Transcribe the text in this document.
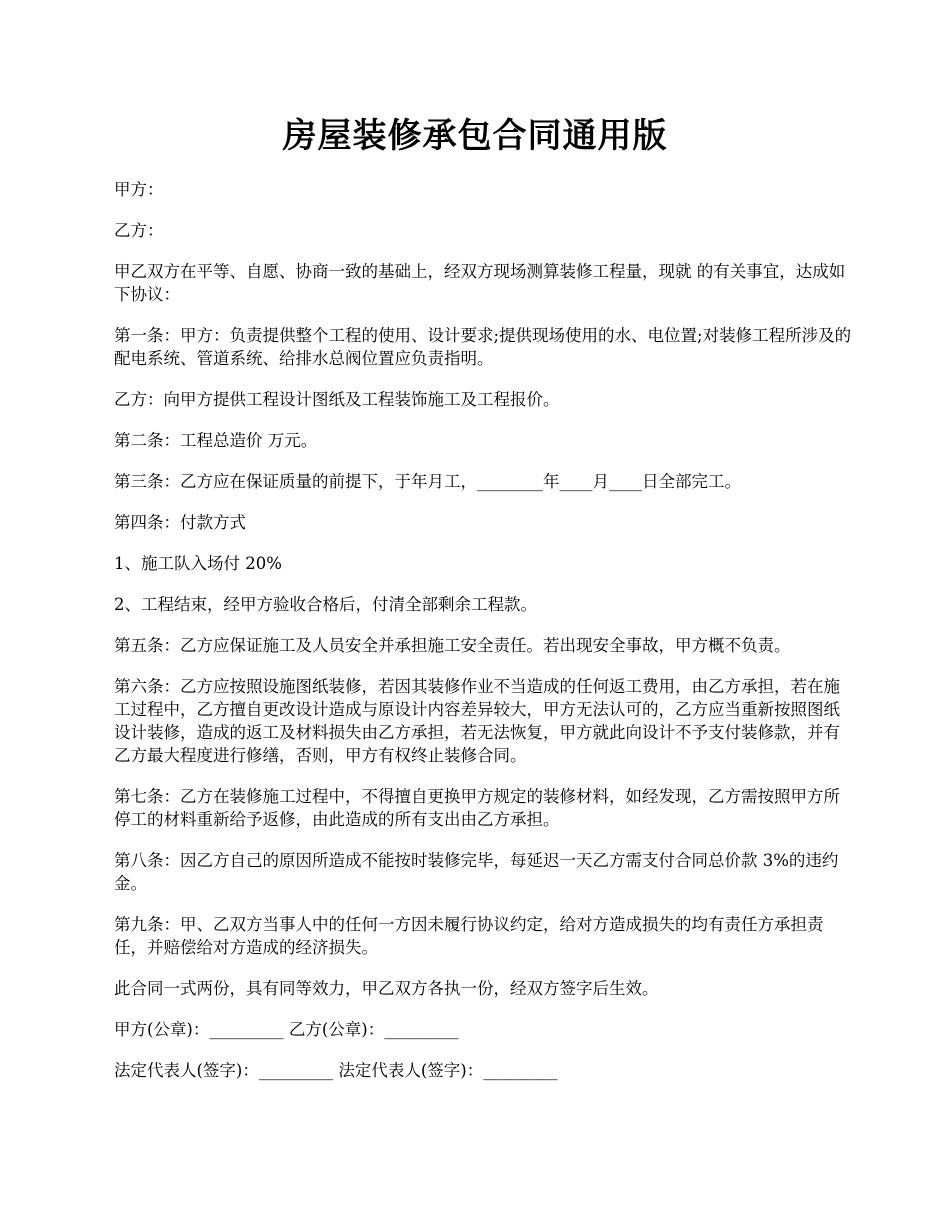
房屋装修承包合同通用版

甲方：

乙方：

甲乙双方在平等、自愿、协商一致的基础上，经双方现场测算装修工程量，现就 的有关事宜，达成如下协议：

第一条：甲方：负责提供整个工程的使用、设计要求;提供现场使用的水、电位置;对装修工程所涉及的配电系统、管道系统、给排水总阀位置应负责指明。

乙方：向甲方提供工程设计图纸及工程装饰施工及工程报价。

第二条：工程总造价 万元。

第三条：乙方应在保证质量的前提下，于年月工，________年____月____日全部完工。

第四条：付款方式

1、施工队入场付 20%

2、工程结束，经甲方验收合格后，付清全部剩余工程款。

第五条：乙方应保证施工及人员安全并承担施工安全责任。若出现安全事故，甲方概不负责。

第六条：乙方应按照设施图纸装修，若因其装修作业不当造成的任何返工费用，由乙方承担，若在施工过程中，乙方擅自更改设计造成与原设计内容差异较大，甲方无法认可的，乙方应当重新按照图纸设计装修，造成的返工及材料损失由乙方承担，若无法恢复，甲方就此向设计不予支付装修款，并有乙方最大程度进行修缮，否则，甲方有权终止装修合同。

第七条：乙方在装修施工过程中，不得擅自更换甲方规定的装修材料，如经发现，乙方需按照甲方所停工的材料重新给予返修，由此造成的所有支出由乙方承担。

第八条：因乙方自己的原因所造成不能按时装修完毕，每延迟一天乙方需支付合同总价款 3%的违约金。

第九条：甲、乙双方当事人中的任何一方因未履行协议约定，给对方造成损失的均有责任方承担责任，并赔偿给对方造成的经济损失。

此合同一式两份，具有同等效力，甲乙双方各执一份，经双方签字后生效。

甲方(公章)：_________ 乙方(公章)：_________

法定代表人(签字)：_________ 法定代表人(签字)：_________
